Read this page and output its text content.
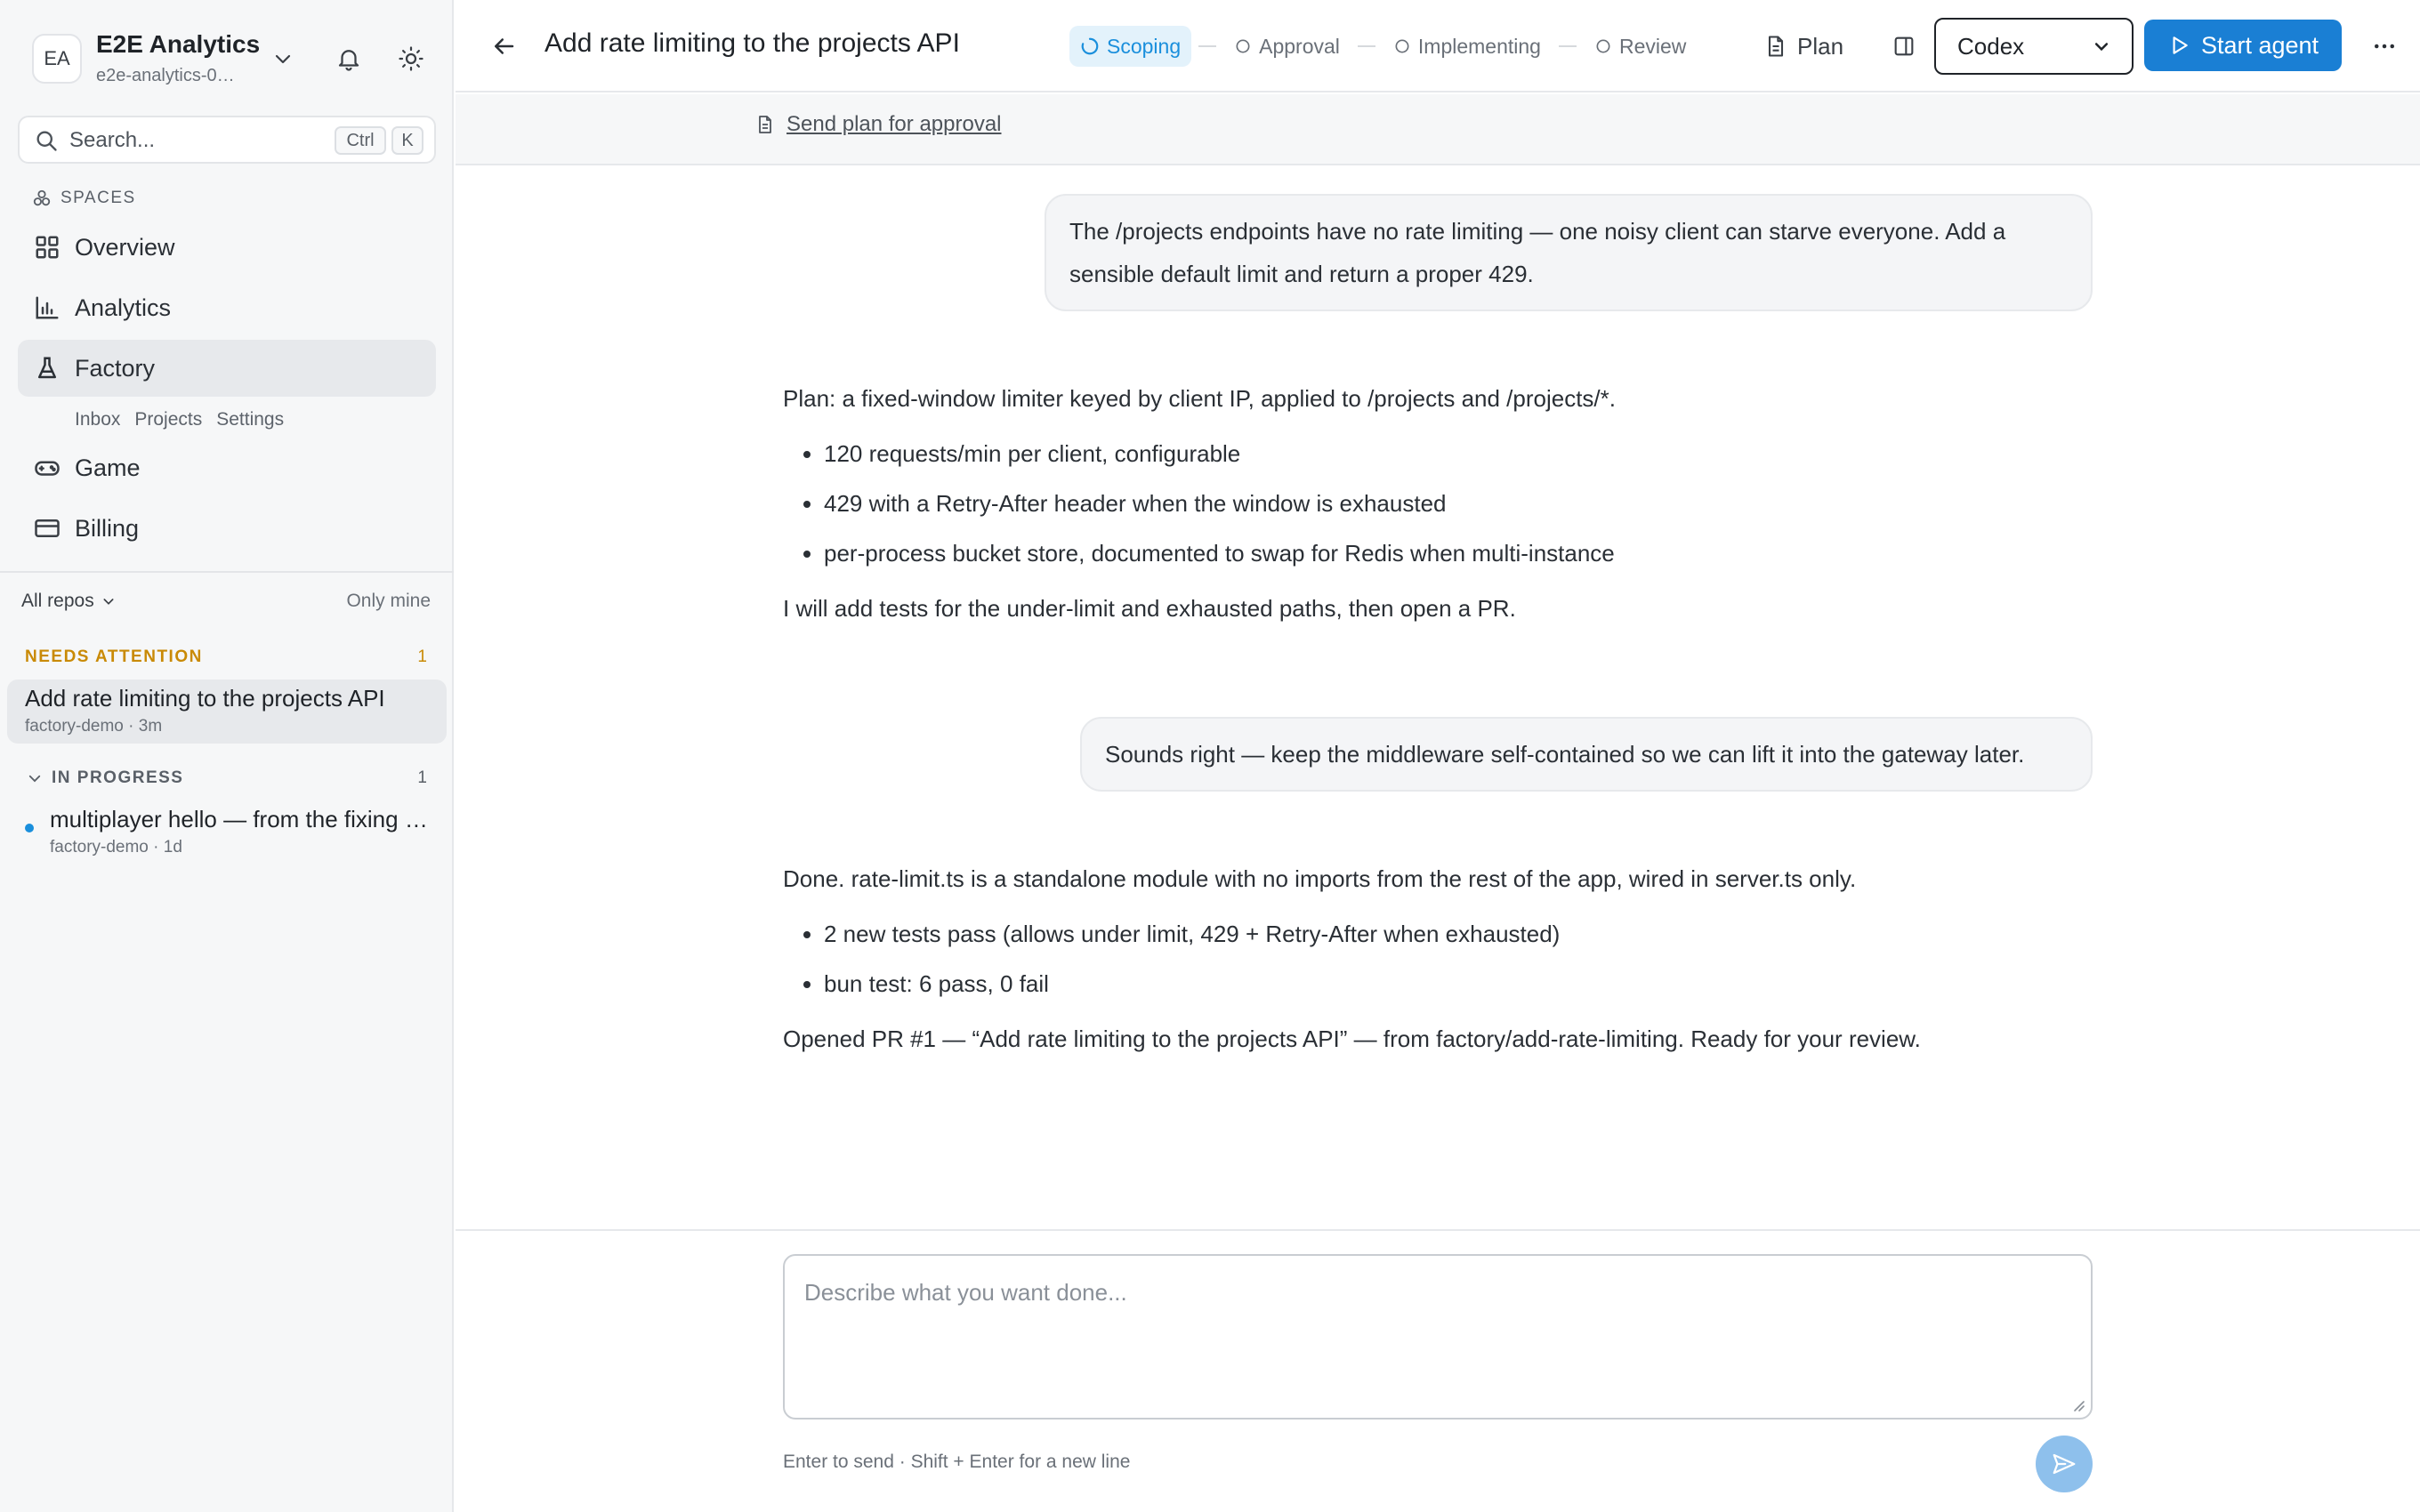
EA
E2E Analytics
e2e-analytics-0…
Search...	Ctrl	K
SPACES
Overview
Analytics
Factory
Inbox Projects Settings
Game
Billing
All repos	Only mine
NEEDS ATTENTION	1
Add rate limiting to the projects API
factory-demo · 3m
IN PROGRESS	1
multiplayer hello — from the fixing …
factory-demo · 1d
Add rate limiting to the projects API	Scoping	Approval	Implementing	Review	Plan	Codex	Start agent
Send plan for approval
The /projects endpoints have no rate limiting — one noisy client can starve everyone. Add a sensible default limit and return a proper 429.

Plan: a fixed-window limiter keyed by client IP, applied to /projects and /projects/*.

• 120 requests/min per client, configurable
• 429 with a Retry-After header when the window is exhausted
• per-process bucket store, documented to swap for Redis when multi-instance

I will add tests for the under-limit and exhausted paths, then open a PR.

Sounds right — keep the middleware self-contained so we can lift it into the gateway later.

Done. rate-limit.ts is a standalone module with no imports from the rest of the app, wired in server.ts only.

• 2 new tests pass (allows under limit, 429 + Retry-After when exhausted)
• bun test: 6 pass, 0 fail

Opened PR #1 — “Add rate limiting to the projects API” — from factory/add-rate-limiting. Ready for your review.

Describe what you want done...
Enter to send · Shift + Enter for a new line
